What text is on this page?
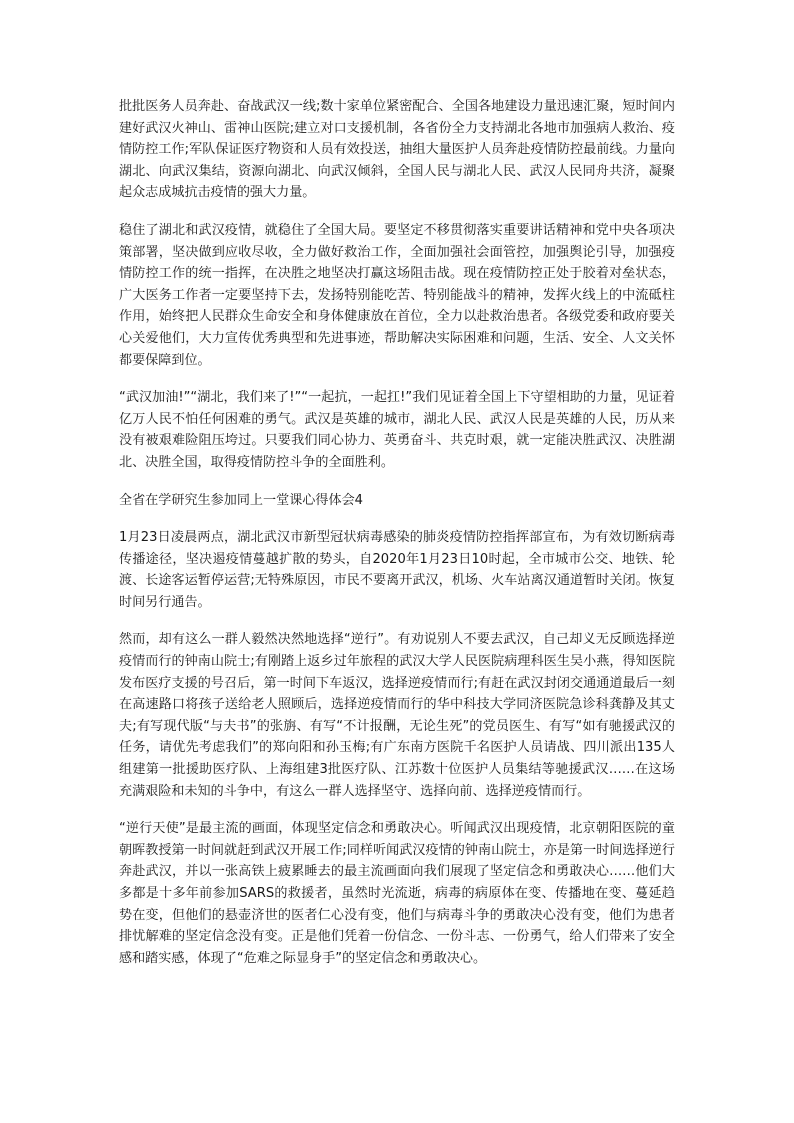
批批医务人员奔赴、奋战武汉一线;数十家单位紧密配合、全国各地建设力量迅速汇聚，短时间内建好武汉火神山、雷神山医院;建立对口支援机制，各省份全力支持湖北各地市加强病人救治、疫情防控工作;军队保证医疗物资和人员有效投送，抽组大量医护人员奔赴疫情防控最前线。力量向湖北、向武汉集结，资源向湖北、向武汉倾斜，全国人民与湖北人民、武汉人民同舟共济，凝聚起众志成城抗击疫情的强大力量。

稳住了湖北和武汉疫情，就稳住了全国大局。要坚定不移贯彻落实重要讲话精神和党中央各项决策部署，坚决做到应收尽收，全力做好救治工作，全面加强社会面管控，加强舆论引导，加强疫情防控工作的统一指挥，在决胜之地坚决打赢这场阻击战。现在疫情防控正处于胶着对垒状态，广大医务工作者一定要坚持下去，发扬特别能吃苦、特别能战斗的精神，发挥火线上的中流砥柱作用，始终把人民群众生命安全和身体健康放在首位，全力以赴救治患者。各级党委和政府要关心关爱他们，大力宣传优秀典型和先进事迹，帮助解决实际困难和问题，生活、安全、人文关怀都要保障到位。

“武汉加油!”“湖北，我们来了!”“一起抗，一起扛!”我们见证着全国上下守望相助的力量，见证着亿万人民不怕任何困难的勇气。武汉是英雄的城市，湖北人民、武汉人民是英雄的人民，历从来没有被艰难险阻压垮过。只要我们同心协力、英勇奋斗、共克时艰，就一定能决胜武汉、决胜湖北、决胜全国，取得疫情防控斗争的全面胜利。

全省在学研究生参加同上一堂课心得体会4

1月23日凌晨两点，湖北武汉市新型冠状病毒感染的肺炎疫情防控指挥部宣布，为有效切断病毒传播途径，坚决遏疫情蔓越扩散的势头，自2020年1月23日10时起，全市城市公交、地铁、轮渡、长途客运暂停运营;无特殊原因，市民不要离开武汉，机场、火车站离汉通道暂时关闭。恢复时间另行通告。

然而，却有这么一群人毅然决然地选择“逆行”。有劝说别人不要去武汉，自己却义无反顾选择逆疫情而行的钟南山院士;有刚踏上返乡过年旅程的武汉大学人民医院病理科医生吴小燕，得知医院发布医疗支援的号召后，第一时间下车返汉，选择逆疫情而行;有赶在武汉封闭交通通道最后一刻在高速路口将孩子送给老人照顾后，选择逆疫情而行的华中科技大学同济医院急诊科龚静及其丈夫;有写现代版“与夫书”的张旃、有写“不计报酬，无论生死”的党员医生、有写“如有驰援武汉的任务，请优先考虑我们”的郑向阳和孙玉梅;有广东南方医院千名医护人员请战、四川派出135人组建第一批援助医疗队、上海组建3批医疗队、江苏数十位医护人员集结等驰援武汉……在这场充满艰险和未知的斗争中，有这么一群人选择坚守、选择向前、选择逆疫情而行。

“逆行天使”是最主流的画面，体现坚定信念和勇敢决心。听闻武汉出现疫情，北京朝阳医院的童朝晖教授第一时间就赶到武汉开展工作;同样听闻武汉疫情的钟南山院士，亦是第一时间选择逆行奔赴武汉，并以一张高铁上疲累睡去的最主流画面向我们展现了坚定信念和勇敢决心……他们大多都是十多年前参加SARS的救援者，虽然时光流逝，病毒的病原体在变、传播地在变、蔓延趋势在变，但他们的悬壶济世的医者仁心没有变，他们与病毒斗争的勇敢决心没有变，他们为患者排忧解难的坚定信念没有变。正是他们凭着一份信念、一份斗志、一份勇气，给人们带来了安全感和踏实感，体现了“危难之际显身手”的坚定信念和勇敢决心。
